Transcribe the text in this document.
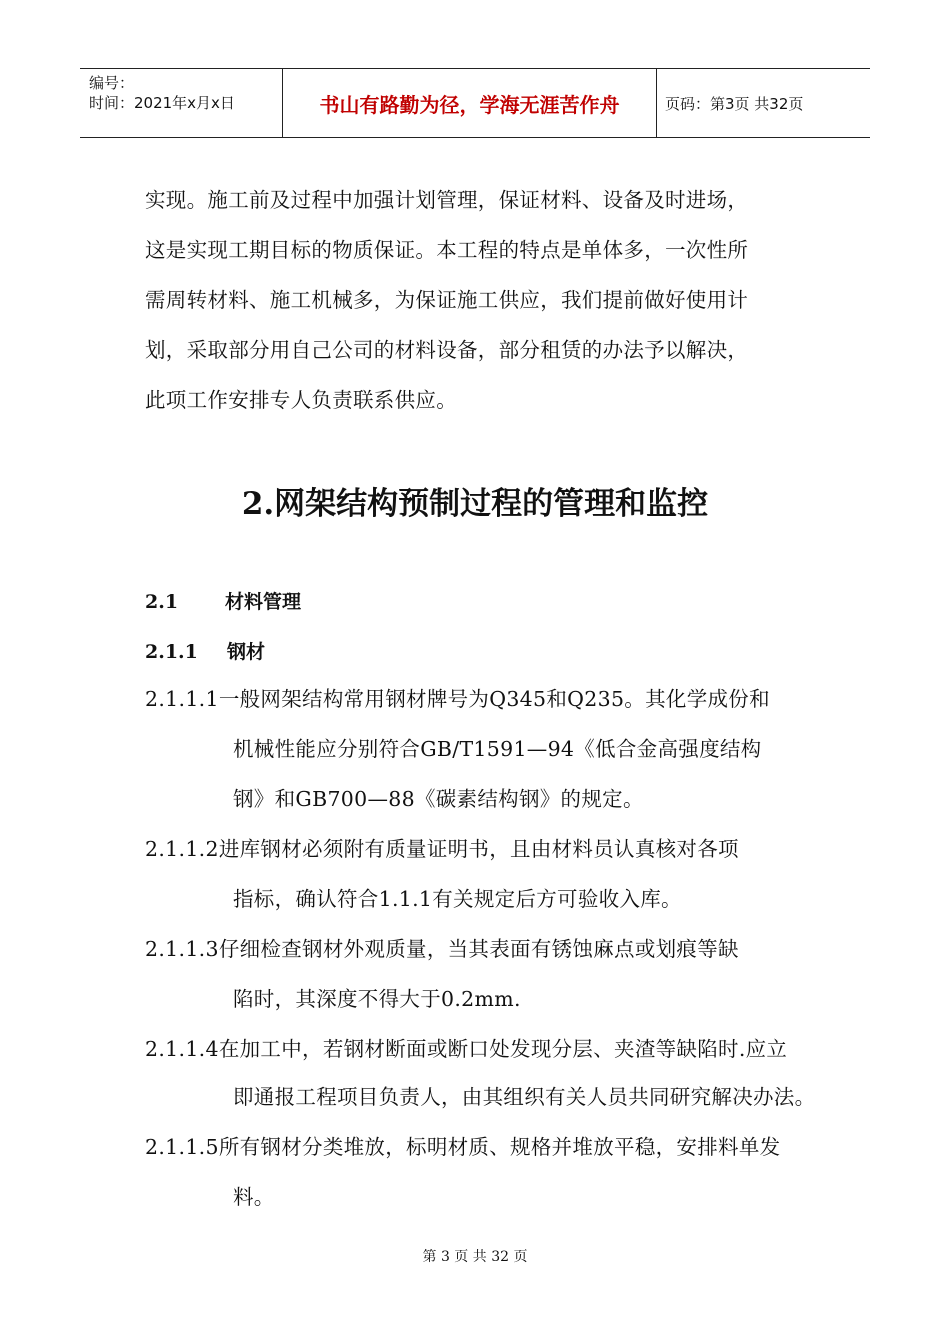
编号：
时间：2021年x月x日	书山有路勤为径，学海无涯苦作舟	页码：第3页 共32页
实现。施工前及过程中加强计划管理，保证材料、设备及时进场，
这是实现工期目标的物质保证。本工程的特点是单体多，一次性所
需周转材料、施工机械多，为保证施工供应，我们提前做好使用计
划，采取部分用自己公司的材料设备，部分租赁的办法予以解决，
此项工作安排专人负责联系供应。
2.网架结构预制过程的管理和监控
2.1 材料管理
2.1.1 钢材
2.1.1.1一般网架结构常用钢材牌号为Q345和Q235。其化学成份和
机械性能应分别符合GB/T1591—94《低合金高强度结构
钢》和GB700—88《碳素结构钢》的规定。
2.1.1.2进库钢材必须附有质量证明书，且由材料员认真核对各项
指标，确认符合1.1.1有关规定后方可验收入库。
2.1.1.3仔细检查钢材外观质量，当其表面有锈蚀麻点或划痕等缺
陷时，其深度不得大于0.2mm.
2.1.1.4在加工中，若钢材断面或断口处发现分层、夹渣等缺陷时.应立
即通报工程项目负责人，由其组织有关人员共同研究解决办法。
2.1.1.5所有钢材分类堆放，标明材质、规格并堆放平稳，安排料单发
料。
第 3 页 共 32 页
